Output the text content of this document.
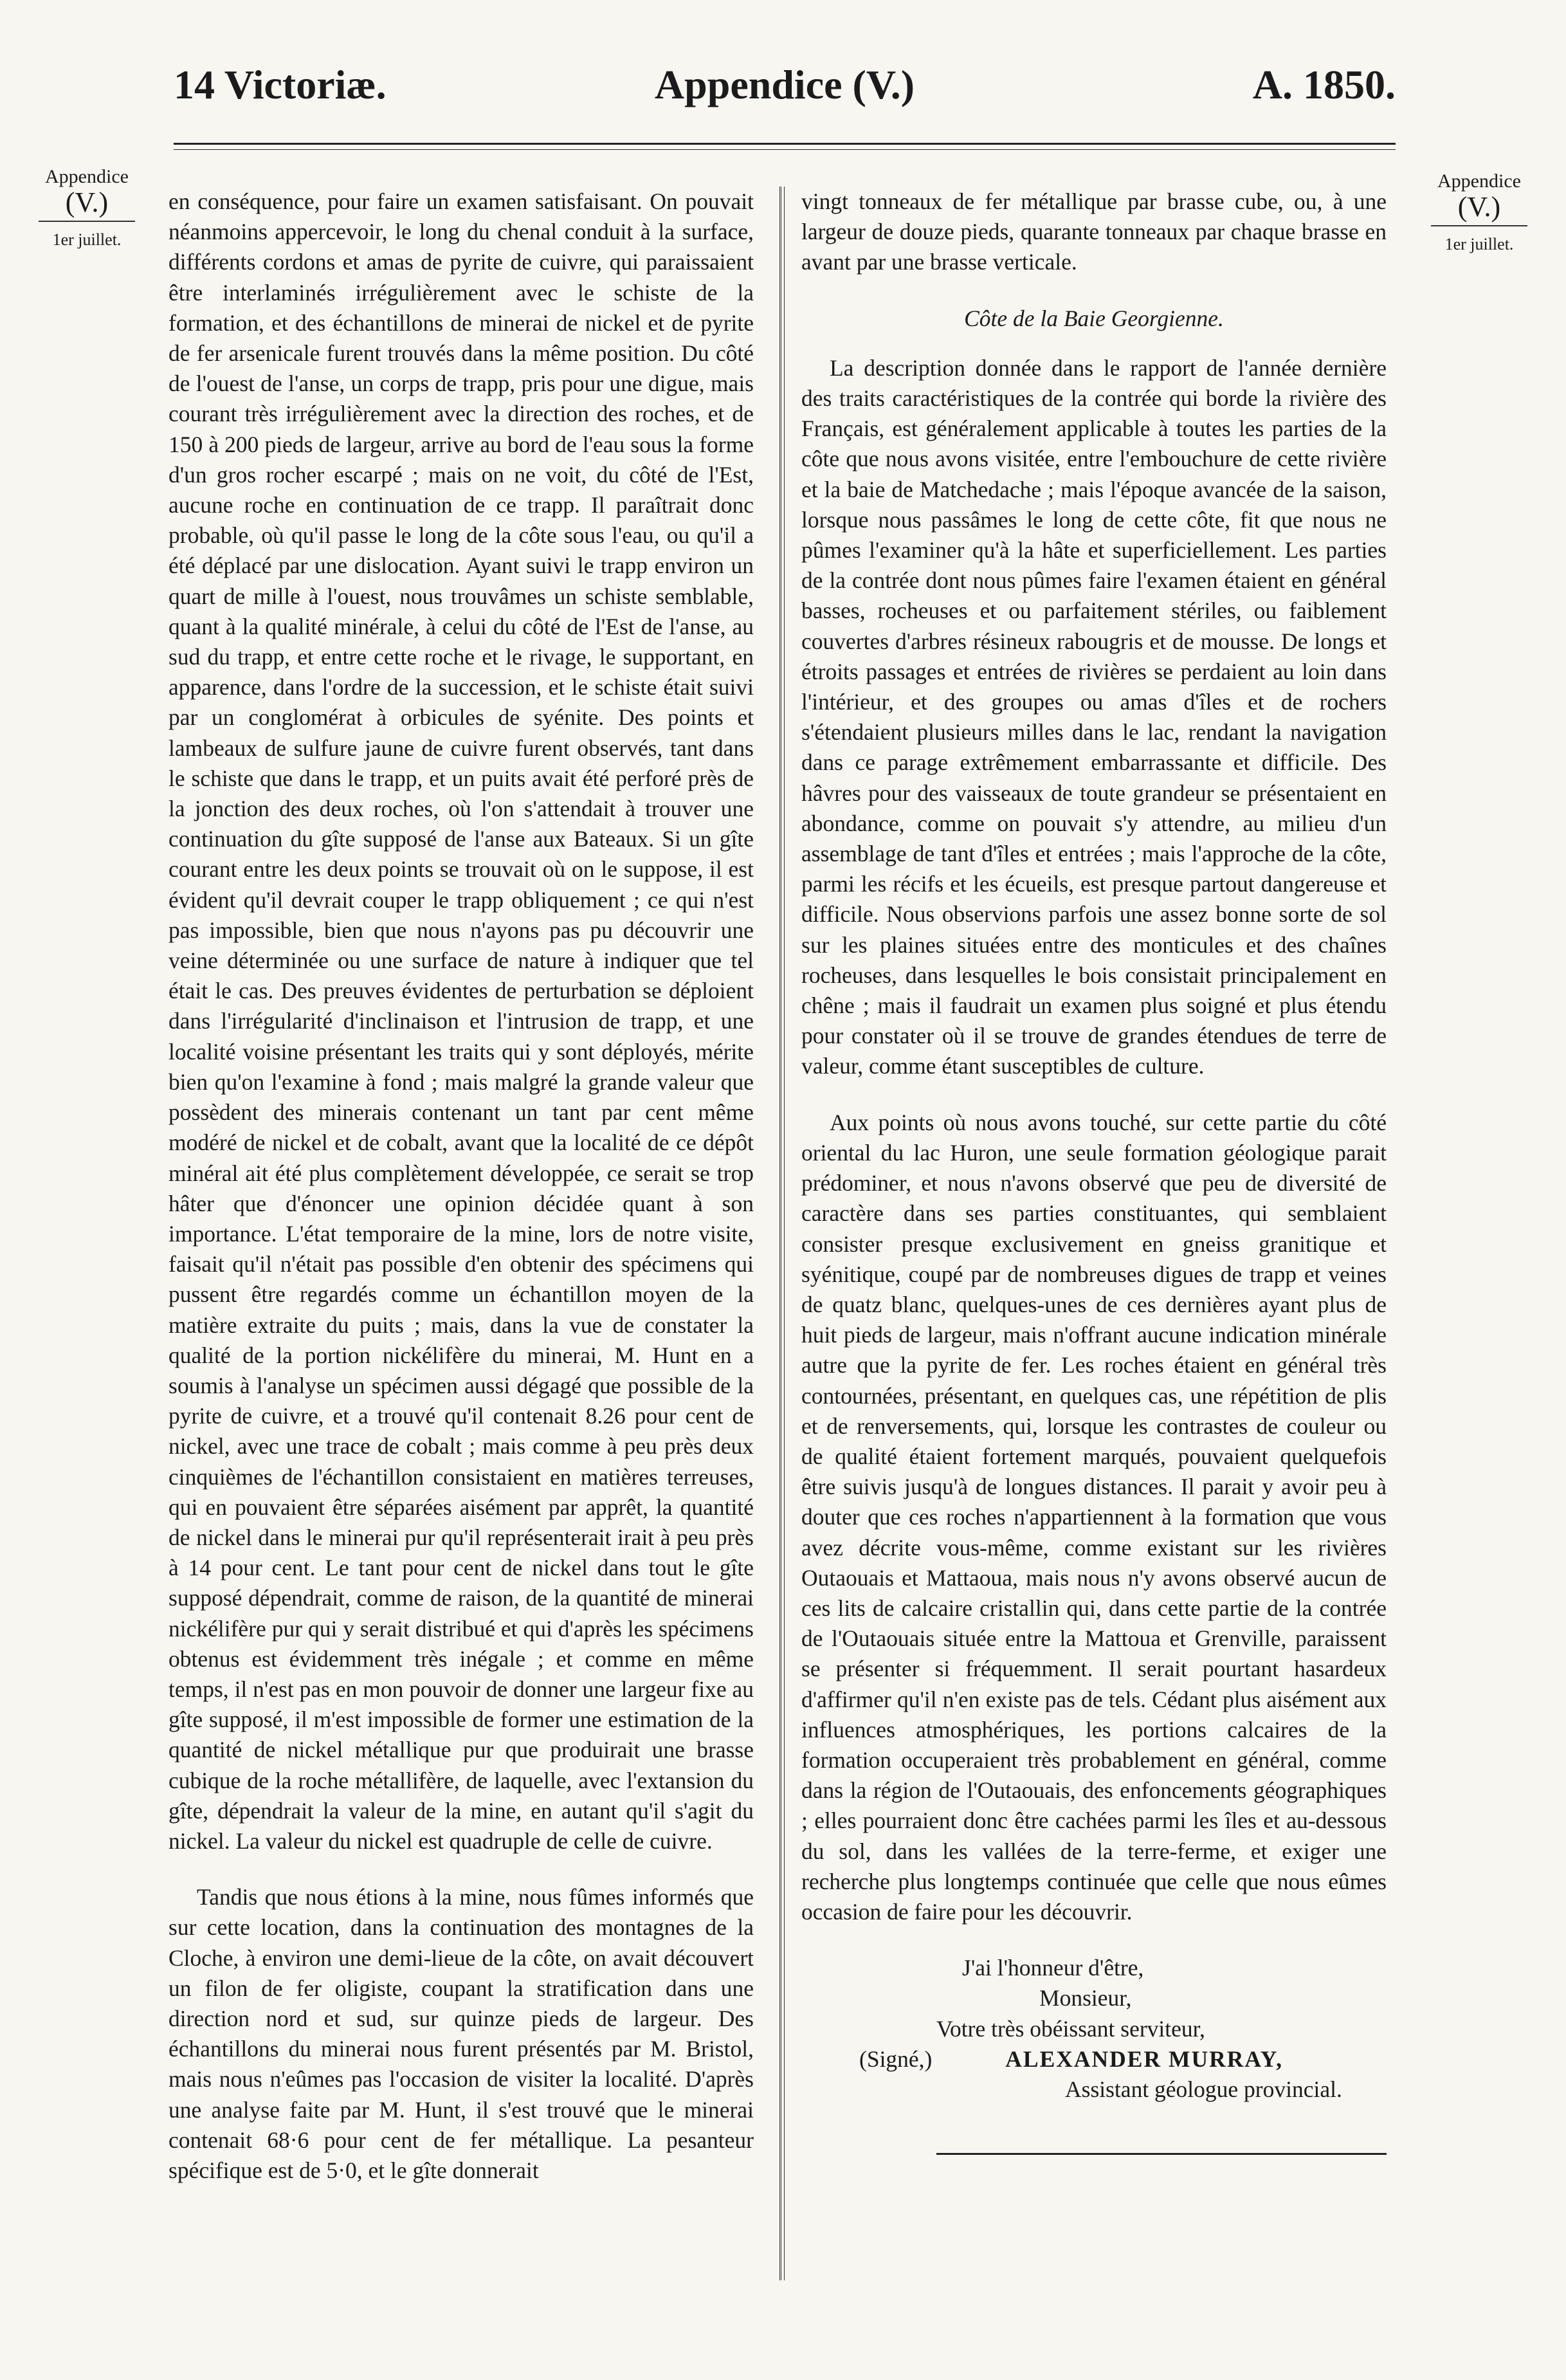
14 Victoriæ.	Appendice (V.)	A. 1850.
Appendice
(V.)
1er juillet.
Appendice
(V.)
1er juillet.

en conséquence, pour faire un examen satisfaisant. On pouvait néanmoins appercevoir, le long du chenal conduit à la surface, différents cordons et amas de pyrite de cuivre, qui paraissaient être interlaminés irrégulièrement avec le schiste de la formation, et des échantillons de minerai de nickel et de pyrite de fer arsenicale furent trouvés dans la même position. Du côté de l'ouest de l'anse, un corps de trapp, pris pour une digue, mais courant très irrégulièrement avec la direction des roches, et de 150 à 200 pieds de largeur, arrive au bord de l'eau sous la forme d'un gros rocher escarpé ; mais on ne voit, du côté de l'Est, aucune roche en continuation de ce trapp. Il paraîtrait donc probable, où qu'il passe le long de la côte sous l'eau, ou qu'il a été déplacé par une dislocation. Ayant suivi le trapp environ un quart de mille à l'ouest, nous trouvâmes un schiste semblable, quant à la qualité minérale, à celui du côté de l'Est de l'anse, au sud du trapp, et entre cette roche et le rivage, le supportant, en apparence, dans l'ordre de la succession, et le schiste était suivi par un conglomérat à orbicules de syénite. Des points et lambeaux de sulfure jaune de cuivre furent observés, tant dans le schiste que dans le trapp, et un puits avait été perforé près de la jonction des deux roches, où l'on s'attendait à trouver une continuation du gîte supposé de l'anse aux Bateaux. Si un gîte courant entre les deux points se trouvait où on le suppose, il est évident qu'il devrait couper le trapp obliquement ; ce qui n'est pas impossible, bien que nous n'ayons pas pu découvrir une veine déterminée ou une surface de nature à indiquer que tel était le cas. Des preuves évidentes de perturbation se déploient dans l'irrégularité d'inclinaison et l'intrusion de trapp, et une localité voisine présentant les traits qui y sont déployés, mérite bien qu'on l'examine à fond ; mais malgré la grande valeur que possèdent des minerais contenant un tant par cent même modéré de nickel et de cobalt, avant que la localité de ce dépôt minéral ait été plus complètement développée, ce serait se trop hâter que d'énoncer une opinion décidée quant à son importance. L'état temporaire de la mine, lors de notre visite, faisait qu'il n'était pas possible d'en obtenir des spécimens qui pussent être regardés comme un échantillon moyen de la matière extraite du puits ; mais, dans la vue de constater la qualité de la portion nickélifère du minerai, M. Hunt en a soumis à l'analyse un spécimen aussi dégagé que possible de la pyrite de cuivre, et a trouvé qu'il contenait 8.26 pour cent de nickel, avec une trace de cobalt ; mais comme à peu près deux cinquièmes de l'échantillon consistaient en matières terreuses, qui en pouvaient être séparées aisément par apprêt, la quantité de nickel dans le minerai pur qu'il représenterait irait à peu près à 14 pour cent. Le tant pour cent de nickel dans tout le gîte supposé dépendrait, comme de raison, de la quantité de minerai nickélifère pur qui y serait distribué et qui d'après les spécimens obtenus est évidemment très inégale ; et comme en même temps, il n'est pas en mon pouvoir de donner une largeur fixe au gîte supposé, il m'est impossible de former une estimation de la quantité de nickel métallique pur que produirait une brasse cubique de la roche métallifère, de laquelle, avec l'extansion du gîte, dépendrait la valeur de la mine, en autant qu'il s'agit du nickel. La valeur du nickel est quadruple de celle de cuivre.

Tandis que nous étions à la mine, nous fûmes informés que sur cette location, dans la continuation des montagnes de la Cloche, à environ une demi-lieue de la côte, on avait découvert un filon de fer oligiste, coupant la stratification dans une direction nord et sud, sur quinze pieds de largeur. Des échantillons du minerai nous furent présentés par M. Bristol, mais nous n'eûmes pas l'occasion de visiter la localité. D'après une analyse faite par M. Hunt, il s'est trouvé que le minerai contenait 68·6 pour cent de fer métallique. La pesanteur spécifique est de 5·0, et le gîte donnerait

vingt tonneaux de fer métallique par brasse cube, ou, à une largeur de douze pieds, quarante tonneaux par chaque brasse en avant par une brasse verticale.

Côte de la Baie Georgienne.

La description donnée dans le rapport de l'année dernière des traits caractéristiques de la contrée qui borde la rivière des Français, est généralement applicable à toutes les parties de la côte que nous avons visitée, entre l'embouchure de cette rivière et la baie de Matchedache ; mais l'époque avancée de la saison, lorsque nous passâmes le long de cette côte, fit que nous ne pûmes l'examiner qu'à la hâte et superficiellement. Les parties de la contrée dont nous pûmes faire l'examen étaient en général basses, rocheuses et ou parfaitement stériles, ou faiblement couvertes d'arbres résineux rabougris et de mousse. De longs et étroits passages et entrées de rivières se perdaient au loin dans l'intérieur, et des groupes ou amas d'îles et de rochers s'étendaient plusieurs milles dans le lac, rendant la navigation dans ce parage extrêmement embarrassante et difficile. Des hâvres pour des vaisseaux de toute grandeur se présentaient en abondance, comme on pouvait s'y attendre, au milieu d'un assemblage de tant d'îles et entrées ; mais l'approche de la côte, parmi les récifs et les écueils, est presque partout dangereuse et difficile. Nous observions parfois une assez bonne sorte de sol sur les plaines situées entre des monticules et des chaînes rocheuses, dans lesquelles le bois consistait principalement en chêne ; mais il faudrait un examen plus soigné et plus étendu pour constater où il se trouve de grandes étendues de terre de valeur, comme étant susceptibles de culture.

Aux points où nous avons touché, sur cette partie du côté oriental du lac Huron, une seule formation géologique parait prédominer, et nous n'avons observé que peu de diversité de caractère dans ses parties constituantes, qui semblaient consister presque exclusivement en gneiss granitique et syénitique, coupé par de nombreuses digues de trapp et veines de quatz blanc, quelques-unes de ces dernières ayant plus de huit pieds de largeur, mais n'offrant aucune indication minérale autre que la pyrite de fer. Les roches étaient en général très contournées, présentant, en quelques cas, une répétition de plis et de renversements, qui, lorsque les contrastes de couleur ou de qualité étaient fortement marqués, pouvaient quelquefois être suivis jusqu'à de longues distances. Il parait y avoir peu à douter que ces roches n'appartiennent à la formation que vous avez décrite vous-même, comme existant sur les rivières Outaouais et Mattaoua, mais nous n'y avons observé aucun de ces lits de calcaire cristallin qui, dans cette partie de la contrée de l'Outaouais située entre la Mattoua et Grenville, paraissent se présenter si fréquemment. Il serait pourtant hasardeux d'affirmer qu'il n'en existe pas de tels. Cédant plus aisément aux influences atmosphériques, les portions calcaires de la formation occuperaient très probablement en général, comme dans la région de l'Outaouais, des enfoncements géographiques ; elles pourraient donc être cachées parmi les îles et au-dessous du sol, dans les vallées de la terre-ferme, et exiger une recherche plus longtemps continuée que celle que nous eûmes occasion de faire pour les découvrir.

J'ai l'honneur d'être,
Monsieur,
Votre très obéissant serviteur,
(Signé,)	ALEXANDER MURRAY,
Assistant géologue provincial.
